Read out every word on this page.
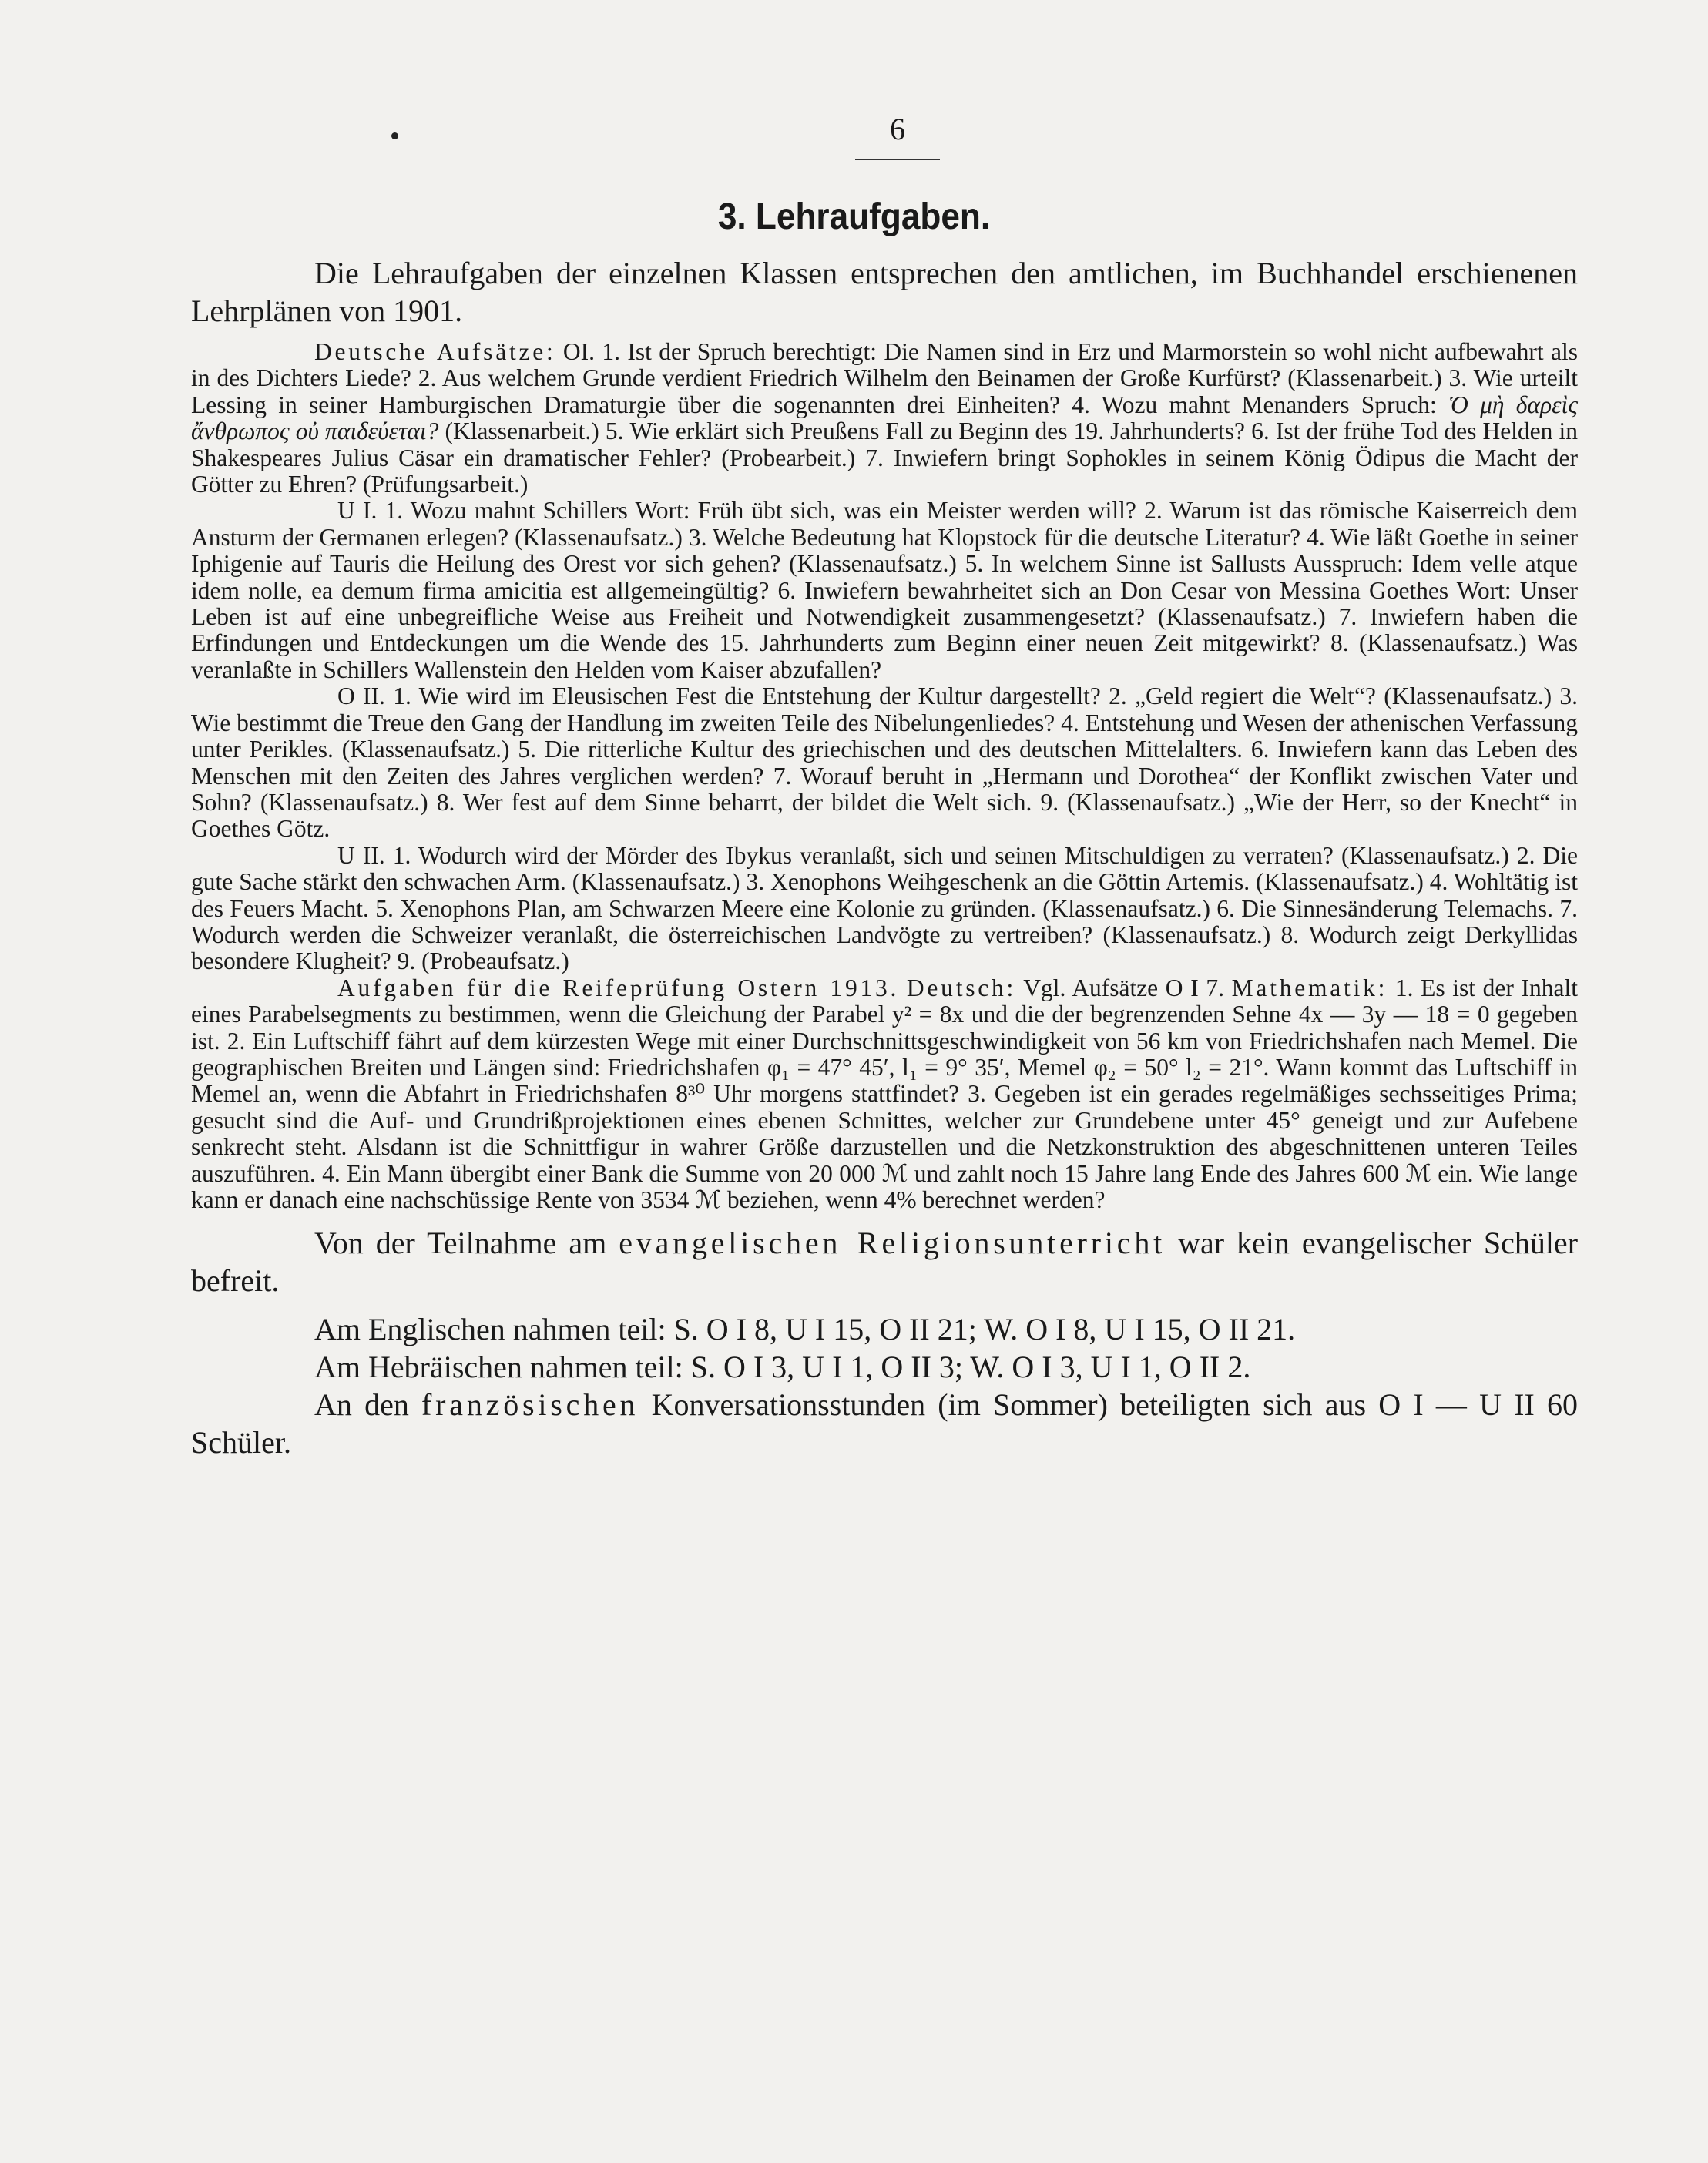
6
3. Lehraufgaben.

Die Lehraufgaben der einzelnen Klassen entsprechen den amtlichen, im Buchhandel erschienenen Lehrplänen von 1901.

Deutsche Aufsätze: OI. 1. Ist der Spruch berechtigt: Die Namen sind in Erz und Marmorstein so wohl nicht aufbewahrt als in des Dichters Liede? 2. Aus welchem Grunde verdient Friedrich Wilhelm den Beinamen der Große Kurfürst? (Klassenarbeit.) 3. Wie urteilt Lessing in seiner Hamburgischen Dramaturgie über die sogenannten drei Einheiten? 4. Wozu mahnt Menanders Spruch: Ὁ μὴ δαρεὶς ἄνθρωπος οὐ παιδεύεται? (Klassenarbeit.) 5. Wie erklärt sich Preußens Fall zu Beginn des 19. Jahrhunderts? 6. Ist der frühe Tod des Helden in Shakespeares Julius Cäsar ein dramatischer Fehler? (Probearbeit.) 7. Inwiefern bringt Sophokles in seinem König Ödipus die Macht der Götter zu Ehren? (Prüfungsarbeit.)

U I. 1. Wozu mahnt Schillers Wort: Früh übt sich, was ein Meister werden will? 2. Warum ist das römische Kaiserreich dem Ansturm der Germanen erlegen? (Klassenaufsatz.) 3. Welche Bedeutung hat Klopstock für die deutsche Literatur? 4. Wie läßt Goethe in seiner Iphigenie auf Tauris die Heilung des Orest vor sich gehen? (Klassenaufsatz.) 5. In welchem Sinne ist Sallusts Ausspruch: Idem velle atque idem nolle, ea demum firma amicitia est allgemeingültig? 6. Inwiefern bewahrheitet sich an Don Cesar von Messina Goethes Wort: Unser Leben ist auf eine unbegreifliche Weise aus Freiheit und Notwendigkeit zusammengesetzt? (Klassenaufsatz.) 7. Inwiefern haben die Erfindungen und Entdeckungen um die Wende des 15. Jahrhunderts zum Beginn einer neuen Zeit mitgewirkt? 8. (Klassenaufsatz.) Was veranlaßte in Schillers Wallenstein den Helden vom Kaiser abzufallen?

O II. 1. Wie wird im Eleusischen Fest die Entstehung der Kultur dargestellt? 2. „Geld regiert die Welt“? (Klassenaufsatz.) 3. Wie bestimmt die Treue den Gang der Handlung im zweiten Teile des Nibelungenliedes? 4. Entstehung und Wesen der athenischen Verfassung unter Perikles. (Klassenaufsatz.) 5. Die ritterliche Kultur des griechischen und des deutschen Mittelalters. 6. Inwiefern kann das Leben des Menschen mit den Zeiten des Jahres verglichen werden? 7. Worauf beruht in „Hermann und Dorothea“ der Konflikt zwischen Vater und Sohn? (Klassenaufsatz.) 8. Wer fest auf dem Sinne beharrt, der bildet die Welt sich. 9. (Klassenaufsatz.) „Wie der Herr, so der Knecht“ in Goethes Götz.

U II. 1. Wodurch wird der Mörder des Ibykus veranlaßt, sich und seinen Mitschuldigen zu verraten? (Klassenaufsatz.) 2. Die gute Sache stärkt den schwachen Arm. (Klassenaufsatz.) 3. Xenophons Weihgeschenk an die Göttin Artemis. (Klassenaufsatz.) 4. Wohltätig ist des Feuers Macht. 5. Xenophons Plan, am Schwarzen Meere eine Kolonie zu gründen. (Klassenaufsatz.) 6. Die Sinnesänderung Telemachs. 7. Wodurch werden die Schweizer veranlaßt, die österreichischen Landvögte zu vertreiben? (Klassenaufsatz.) 8. Wodurch zeigt Derkyllidas besondere Klugheit? 9. (Probeaufsatz.)

Aufgaben für die Reifeprüfung Ostern 1913. Deutsch: Vgl. Aufsätze O I 7. Mathematik: 1. Es ist der Inhalt eines Parabelsegments zu bestimmen, wenn die Gleichung der Parabel y² = 8x und die der begrenzenden Sehne 4x — 3y — 18 = 0 gegeben ist. 2. Ein Luftschiff fährt auf dem kürzesten Wege mit einer Durchschnittsgeschwindigkeit von 56 km von Friedrichshafen nach Memel. Die geographischen Breiten und Längen sind: Friedrichshafen φ₁ = 47° 45′, l₁ = 9° 35′, Memel φ₂ = 50° l₂ = 21°. Wann kommt das Luftschiff in Memel an, wenn die Abfahrt in Friedrichshafen 8³⁰ Uhr morgens stattfindet? 3. Gegeben ist ein gerades regelmäßiges sechsseitiges Prima; gesucht sind die Auf- und Grundrißprojektionen eines ebenen Schnittes, welcher zur Grundebene unter 45° geneigt und zur Aufebene senkrecht steht. Alsdann ist die Schnittfigur in wahrer Größe darzustellen und die Netzkonstruktion des abgeschnittenen unteren Teiles auszuführen. 4. Ein Mann übergibt einer Bank die Summe von 20 000 ℳ und zahlt noch 15 Jahre lang Ende des Jahres 600 ℳ ein. Wie lange kann er danach eine nachschüssige Rente von 3534 ℳ beziehen, wenn 4% berechnet werden?

Von der Teilnahme am evangelischen Religionsunterricht war kein evangelischer Schüler befreit.

Am Englischen nahmen teil: S. O I 8, U I 15, O II 21; W. O I 8, U I 15, O II 21.

Am Hebräischen nahmen teil: S. O I 3, U I 1, O II 3; W. O I 3, U I 1, O II 2.

An den französischen Konversationsstunden (im Sommer) beteiligten sich aus O I — U II 60 Schüler.
